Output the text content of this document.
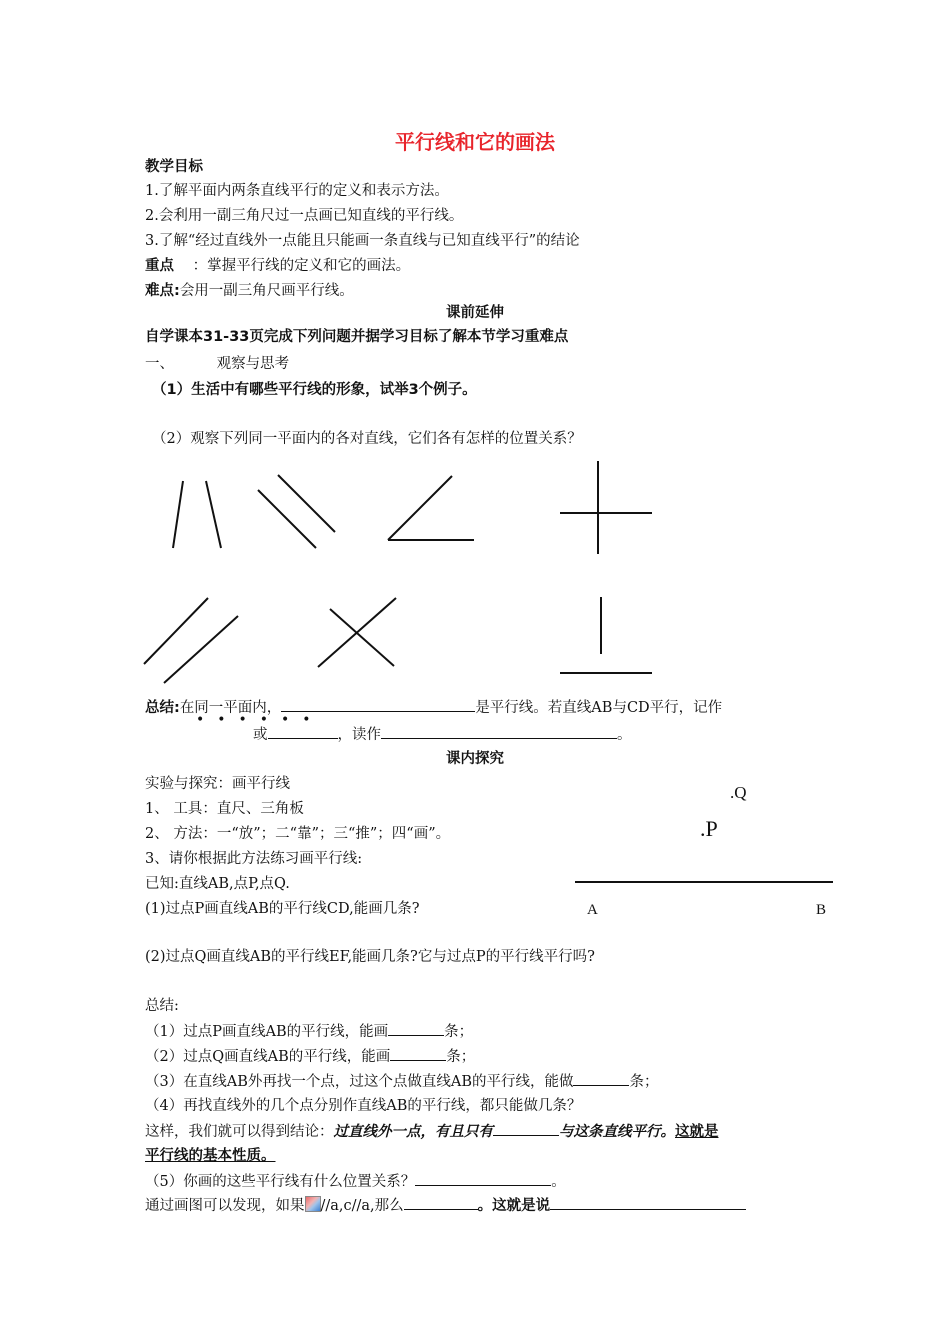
平行线和它的画法
教学目标
1.了解平面内两条直线平行的定义和表示方法。
2.会利用一副三角尺过一点画已知直线的平行线。
3.了解“经过直线外一点能且只能画一条直线与已知直线平行”的结论
重点 ：掌握平行线的定义和它的画法。
难点:会用一副三角尺画平行线。
课前延伸
自学课本31-33页完成下列问题并据学习目标了解本节学习重难点
一、	观察与思考
（1）生活中有哪些平行线的形象，试举3个例子。
（2）观察下列同一平面内的各对直线，它们各有怎样的位置关系？
总结:在同一平面内，	是平行线。若直线AB与CD平行，记作
••••••
或	，读作	。
课内探究
实验与探究：画平行线
1、 工具：直尺、三角板
2、 方法：一“放”；二“靠”；三“推”；四“画”。
3、请你根据此方法练习画平行线:
已知:直线AB,点P,点Q.
(1)过点P画直线AB的平行线CD,能画几条?
(2)过点Q画直线AB的平行线EF,能画几条?它与过点P的平行线平行吗?
.Q
.P
A	B
总结:
（1）过点P画直线AB的平行线，能画	条；
（2）过点Q画直线AB的平行线，能画	条；
（3）在直线AB外再找一个点，过这个点做直线AB的平行线，能做	条；
（4）再找直线外的几个点分别作直线AB的平行线，都只能做几条？
这样，我们就可以得到结论：过直线外一点，有且只有	与这条直线平行。这就是
平行线的基本性质。
（5）你画的这些平行线有什么位置关系？	。
通过画图可以发现，如果 //a,c//a,那么	。这就是说
